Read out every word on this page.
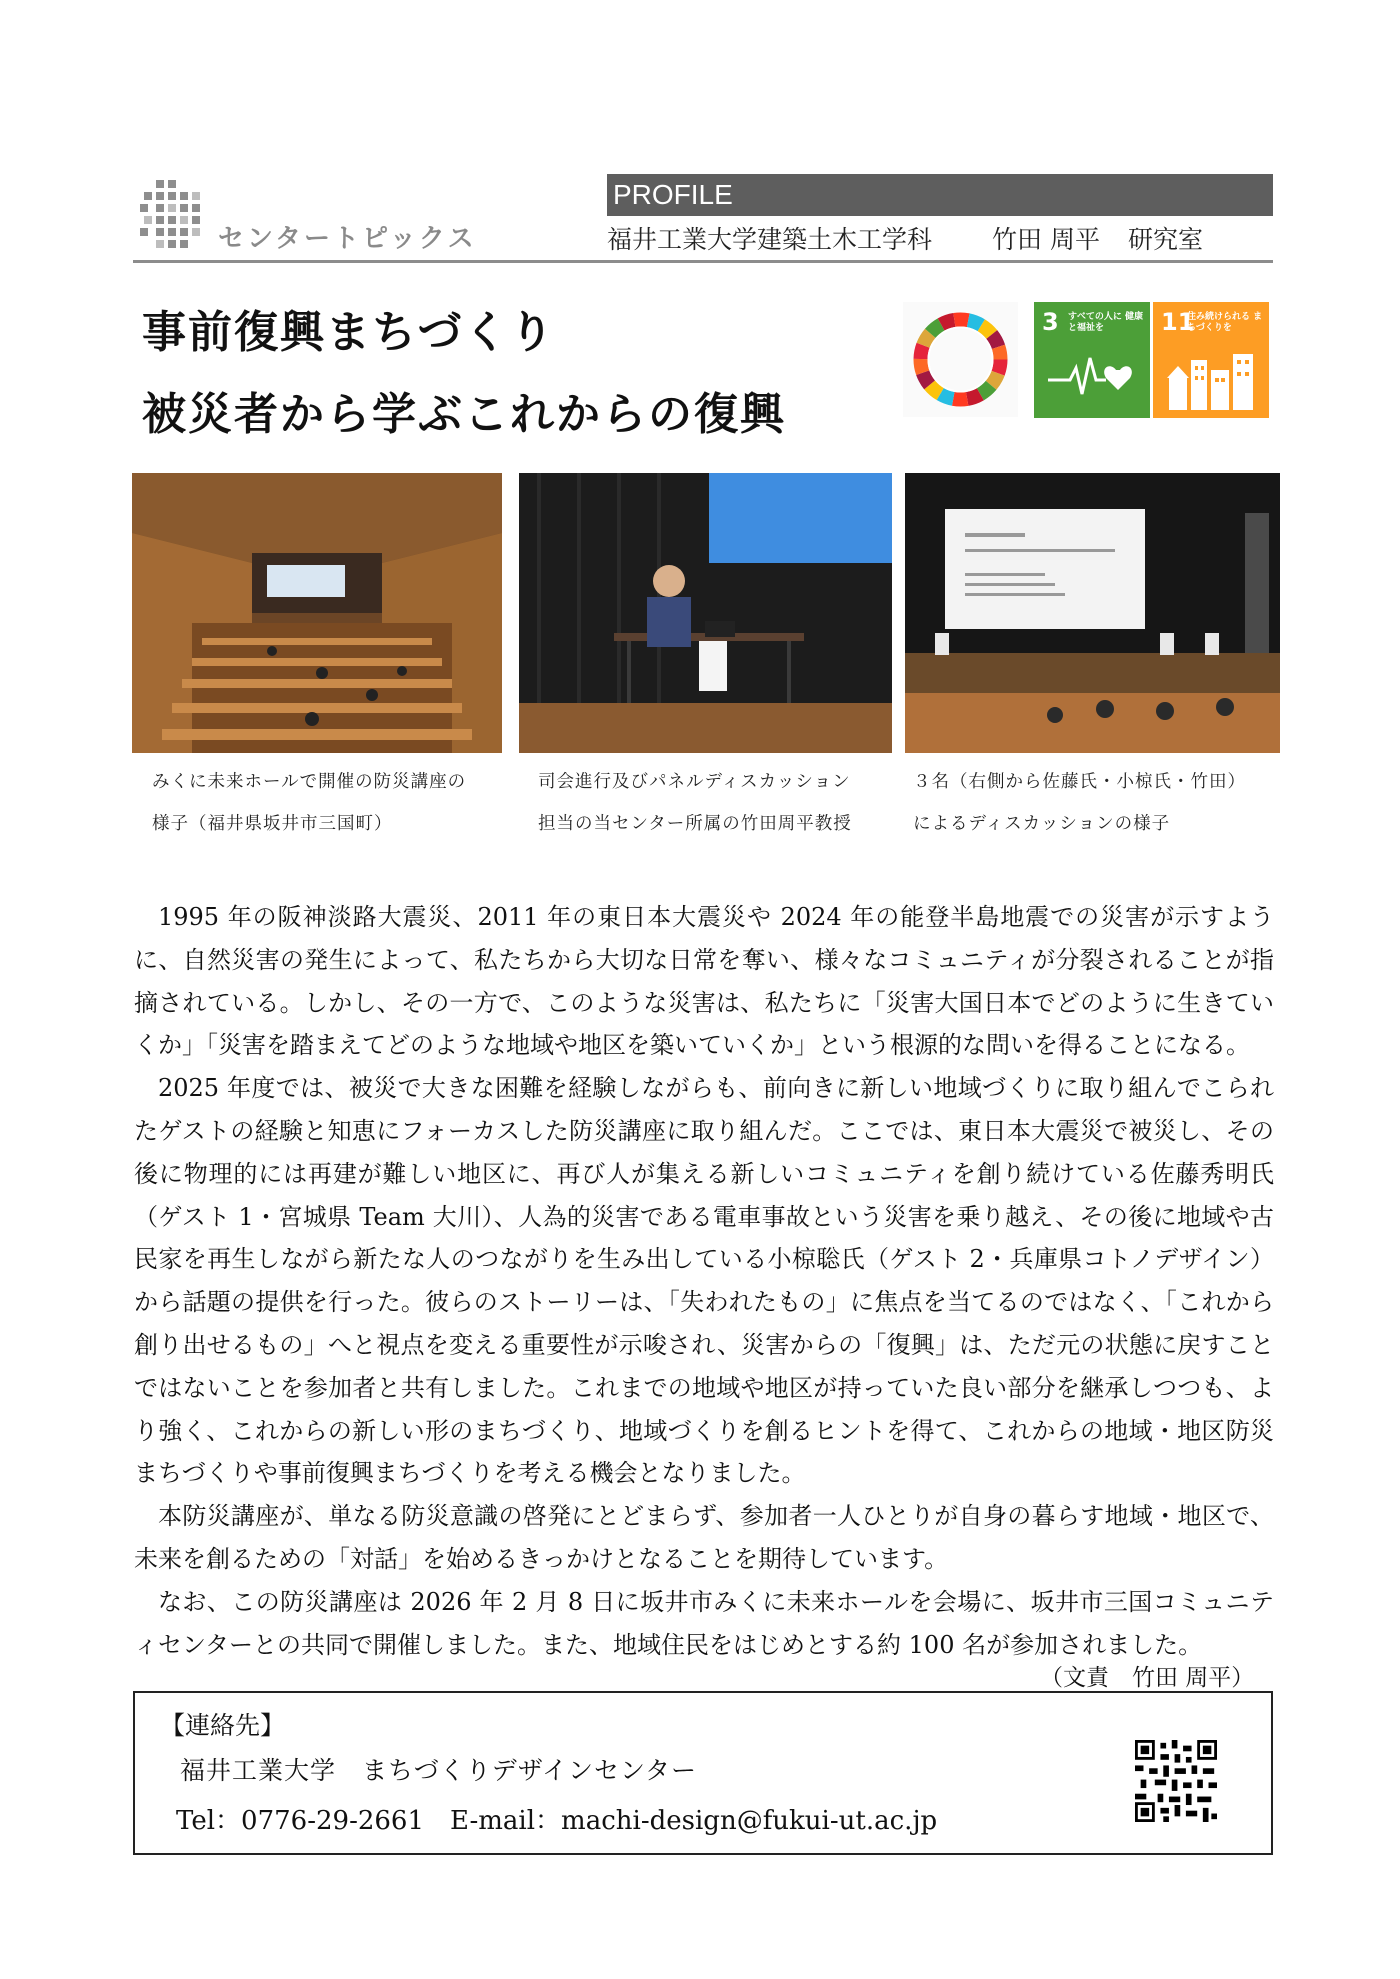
センタートピックス
PROFILE
福井工業大学建築土木工学科 竹田 周平 研究室
事前復興まちづくり
被災者から学ぶこれからの復興
3 すべての人に 健康と福祉を	11
住み続けられる まちづくりを
みくに未来ホールで開催の防災講座の
様子（福井県坂井市三国町）
司会進行及びパネルディスカッション
担当の当センター所属の竹田周平教授
３名（右側から佐藤氏・小椋氏・竹田）
によるディスカッションの様子

1995 年の阪神淡路大震災、2011 年の東日本大震災や 2024 年の能登半島地震での災害が示すように、自然災害の発生によって、私たちから大切な日常を奪い、様々なコミュニティが分裂されることが指摘されている。しかし、その一方で、このような災害は、私たちに「災害大国日本でどのように生きていくか」「災害を踏まえてどのような地域や地区を築いていくか」という根源的な問いを得ることになる。

2025 年度では、被災で大きな困難を経験しながらも、前向きに新しい地域づくりに取り組んでこられたゲストの経験と知恵にフォーカスした防災講座に取り組んだ。ここでは、東日本大震災で被災し、その後に物理的には再建が難しい地区に、再び人が集える新しいコミュニティを創り続けている佐藤秀明氏（ゲスト 1・宮城県 Team 大川）、人為的災害である電車事故という災害を乗り越え、その後に地域や古民家を再生しながら新たな人のつながりを生み出している小椋聡氏（ゲスト 2・兵庫県コトノデザイン）から話題の提供を行った。彼らのストーリーは、「失われたもの」に焦点を当てるのではなく、「これから創り出せるもの」へと視点を変える重要性が示唆され、災害からの「復興」は、ただ元の状態に戻すことではないことを参加者と共有しました。これまでの地域や地区が持っていた良い部分を継承しつつも、より強く、これからの新しい形のまちづくり、地域づくりを創るヒントを得て、これからの地域・地区防災まちづくりや事前復興まちづくりを考える機会となりました。

本防災講座が、単なる防災意識の啓発にとどまらず、参加者一人ひとりが自身の暮らす地域・地区で、未来を創るための「対話」を始めるきっかけとなることを期待しています。

なお、この防災講座は 2026 年 2 月 8 日に坂井市みくに未来ホールを会場に、坂井市三国コミュニティセンターとの共同で開催しました。また、地域住民をはじめとする約 100 名が参加されました。

（文責　竹田 周平）
【連絡先】
福井工業大学　まちづくりデザインセンター
Tel：0776-29-2661　E-mail：machi-design@fukui-ut.ac.jp
